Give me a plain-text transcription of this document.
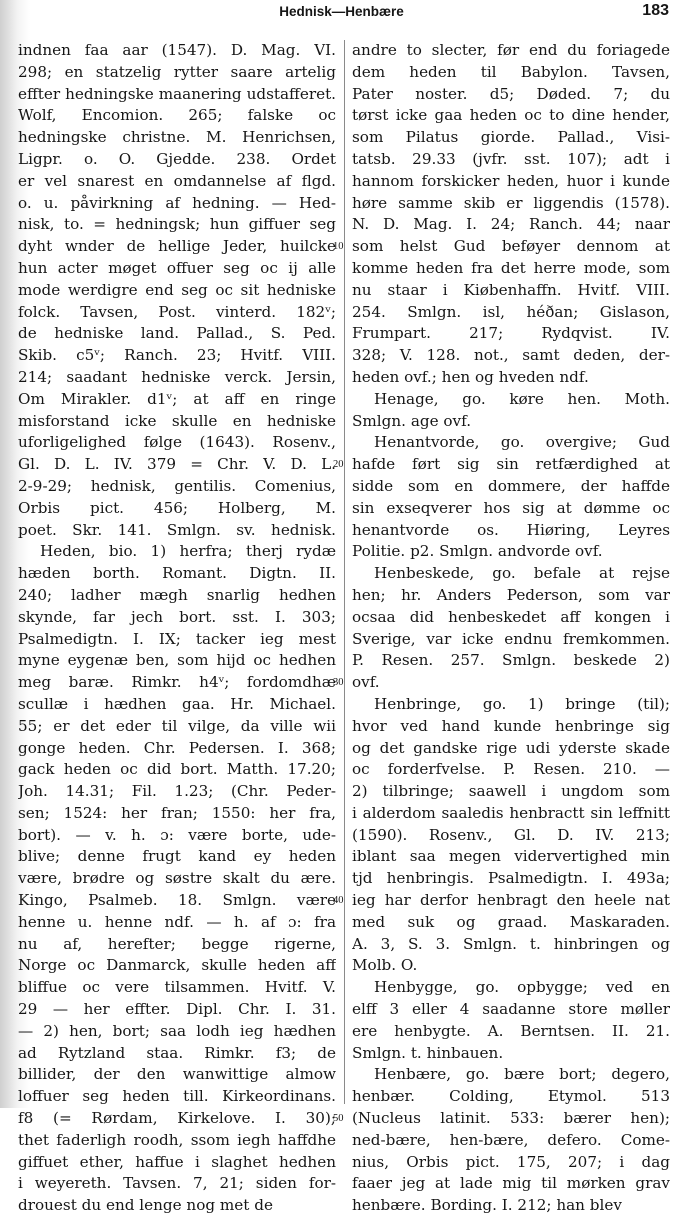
Hednisk—Henbære	183
indnen faa aar (1547). D. Mag. VI.
298; en statzelig rytter saare artelig
effter hedningske maanering udstafferet.
Wolf, Encomion. 265; falske oc
hedningske christne. M. Henrichsen,
Ligpr. o. O. Gjedde. 238. Ordet
er vel snarest en omdannelse af flgd.
o. u. påvirkning af hedning. — Hed-
nisk, to. = hedningsk; hun giffuer seg
dyht wnder de hellige Jeder, huilcke
hun acter møget offuer seg oc ij alle
mode werdigre end seg oc sit hedniske
folck. Tavsen, Post. vinterd. 182ᵛ;
de hedniske land. Pallad., S. Ped.
Skib. c5ᵛ; Ranch. 23; Hvitf. VIII.
214; saadant hedniske verck. Jersin,
Om Mirakler. d1ᵛ; at aff en ringe
misforstand icke skulle en hedniske
uforligelighed følge (1643). Rosenv.,
Gl. D. L. IV. 379 = Chr. V. D. L.
2-9-29; hednisk, gentilis. Comenius,
Orbis pict. 456; Holberg, M.
poet. Skr. 141. Smlgn. sv. hednisk.
Heden, bio. 1) herfra; therj rydæ
hæden borth. Romant. Digtn. II.
240; ladher mægh snarlig hedhen
skynde, far jech bort. sst. I. 303;
Psalmedigtn. I. IX; tacker ieg mest
myne eygenæ ben, som hijd oc hedhen
meg baræ. Rimkr. h4ᵛ; fordomdhæ
scullæ i hædhen gaa. Hr. Michael.
55; er det eder til vilge, da ville wii
gonge heden. Chr. Pedersen. I. 368;
gack heden oc did bort. Matth. 17.20;
Joh. 14.31; Fil. 1.23; (Chr. Peder-
sen; 1524: her fran; 1550: her fra,
bort). — v. h. ɔ: være borte, ude-
blive; denne frugt kand ey heden
være, brødre og søstre skalt du ære.
Kingo, Psalmeb. 18. Smlgn. være
henne u. henne ndf. — h. af ɔ: fra
nu af, herefter; begge rigerne,
Norge oc Danmarck, skulle heden aff
bliffue oc vere tilsammen. Hvitf. V.
29 — her effter. Dipl. Chr. I. 31.
— 2) hen, bort; saa lodh ieg hædhen
ad Rytzland staa. Rimkr. f3; de
billider, der den wanwittige almow
loffuer seg heden till. Kirkeordinans.
f8 (= Rørdam, Kirkelove. I. 30);
thet faderligh roodh, ssom iegh haffdhe
giffuet ether, haffue i slaghet hedhen
i weyereth. Tavsen. 7, 21; siden for-
drouest du end lenge nog met de
10
20
30
40
50
andre to slecter, før end du foriagede
dem heden til Babylon. Tavsen,
Pater noster. d5; Døded. 7; du
tørst icke gaa heden oc to dine hender,
som Pilatus giorde. Pallad., Visi-
tatsb. 29.33 (jvfr. sst. 107); adt i
hannom forskicker heden, huor i kunde
høre samme skib er liggendis (1578).
N. D. Mag. I. 24; Ranch. 44; naar
som helst Gud beføyer dennom at
komme heden fra det herre mode, som
nu staar i Kiøbenhaffn. Hvitf. VIII.
254. Smlgn. isl, héðan; Gislason,
Frumpart. 217; Rydqvist. IV.
328; V. 128. not., samt deden, der-
heden ovf.; hen og hveden ndf.
Henage, go. køre hen. Moth.
Smlgn. age ovf.
Henantvorde, go. overgive; Gud
hafde ført sig sin retfærdighed at
sidde som en dommere, der haffde
sin exseqverer hos sig at dømme oc
henantvorde os. Hiøring, Leyres
Politie. p2. Smlgn. andvorde ovf.
Henbeskede, go. befale at rejse
hen; hr. Anders Pederson, som var
ocsaa did henbeskedet aff kongen i
Sverige, var icke endnu fremkommen.
P. Resen. 257. Smlgn. beskede 2)
ovf.
Henbringe, go. 1) bringe (til);
hvor ved hand kunde henbringe sig
og det gandske rige udi yderste skade
oc forderfvelse. P. Resen. 210. —
2) tilbringe; saawell i ungdom som
i alderdom saaledis henbractt sin leffnitt
(1590). Rosenv., Gl. D. IV. 213;
iblant saa megen vidervertighed min
tjd henbringis. Psalmedigtn. I. 493a;
ieg har derfor henbragt den heele nat
med suk og graad. Maskaraden.
A. 3, S. 3. Smlgn. t. hinbringen og
Molb. O.
Henbygge, go. opbygge; ved en
elff 3 eller 4 saadanne store møller
ere henbygte. A. Berntsen. II. 21.
Smlgn. t. hinbauen.
Henbære, go. bære bort; degero,
henbær. Colding, Etymol. 513
(Nucleus latinit. 533: bærer hen);
ned-bære, hen-bære, defero. Come-
nius, Orbis pict. 175, 207; i dag
faaer jeg at lade mig til mørken grav
henbære. Bording. I. 212; han blev
